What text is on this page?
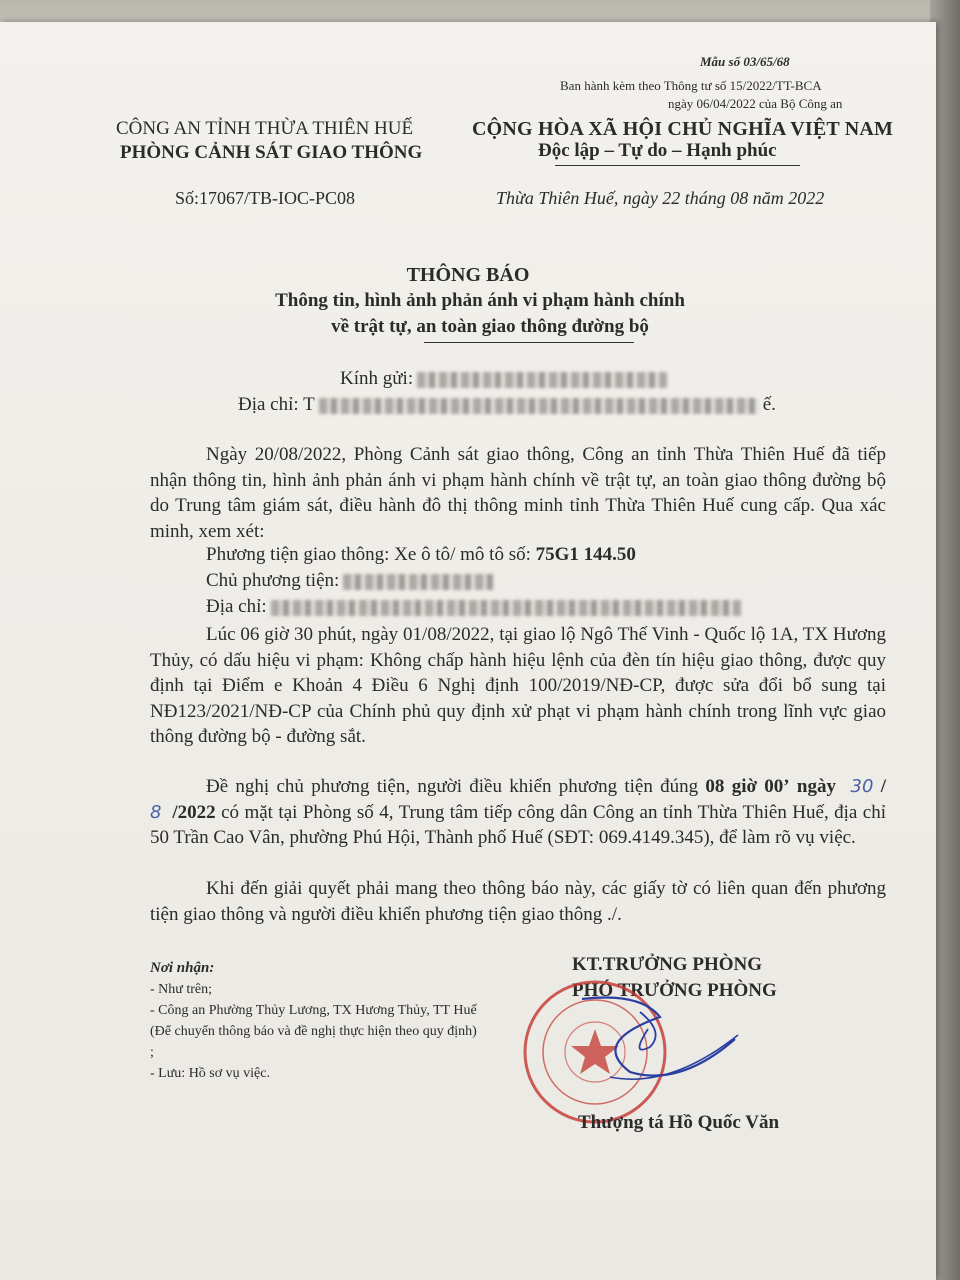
Mẫu số 03/65/68
Ban hành kèm theo Thông tư số 15/2022/TT-BCA
ngày 06/04/2022 của Bộ Công an
CÔNG AN TỈNH THỪA THIÊN HUẾ
PHÒNG CẢNH SÁT GIAO THÔNG
CỘNG HÒA XÃ HỘI CHỦ NGHĨA VIỆT NAM
Độc lập – Tự do – Hạnh phúc
Số:17067/TB-IOC-PC08	Thừa Thiên Huế, ngày 22 tháng 08 năm 2022
THÔNG BÁO
Thông tin, hình ảnh phản ánh vi phạm hành chính
về trật tự, an toàn giao thông đường bộ
Kính gửi:
Địa chỉ: T	ế.
Ngày 20/08/2022, Phòng Cảnh sát giao thông, Công an tỉnh Thừa Thiên Huế đã tiếp nhận thông tin, hình ảnh phản ánh vi phạm hành chính về trật tự, an toàn giao thông đường bộ do Trung tâm giám sát, điều hành đô thị thông minh tỉnh Thừa Thiên Huế cung cấp. Qua xác minh, xem xét:
Phương tiện giao thông: Xe ô tô/ mô tô số: 75G1 144.50
Chủ phương tiện:
Địa chỉ:
Lúc 06 giờ 30 phút, ngày 01/08/2022, tại giao lộ Ngô Thế Vinh - Quốc lộ 1A, TX Hương Thủy, có dấu hiệu vi phạm: Không chấp hành hiệu lệnh của đèn tín hiệu giao thông, được quy định tại Điểm e Khoản 4 Điều 6 Nghị định 100/2019/NĐ-CP, được sửa đổi bổ sung tại NĐ123/2021/NĐ-CP của Chính phủ quy định xử phạt vi phạm hành chính trong lĩnh vực giao thông đường bộ - đường sắt.
Đề nghị chủ phương tiện, người điều khiển phương tiện đúng 08 giờ 00’ ngày 30 / 8 /2022 có mặt tại Phòng số 4, Trung tâm tiếp công dân Công an tỉnh Thừa Thiên Huế, địa chỉ 50 Trần Cao Vân, phường Phú Hội, Thành phố Huế (SĐT: 069.4149.345), để làm rõ vụ việc.
Khi đến giải quyết phải mang theo thông báo này, các giấy tờ có liên quan đến phương tiện giao thông và người điều khiển phương tiện giao thông ./.
Nơi nhận:
- Như trên;
- Công an Phường Thủy Lương, TX Hương Thủy, TT Huế (Để chuyển thông báo và đề nghị thực hiện theo quy định) ;
- Lưu: Hồ sơ vụ việc.
KT.TRƯỞNG PHÒNG
PHÓ TRƯỞNG PHÒNG
Thượng tá Hồ Quốc Văn
